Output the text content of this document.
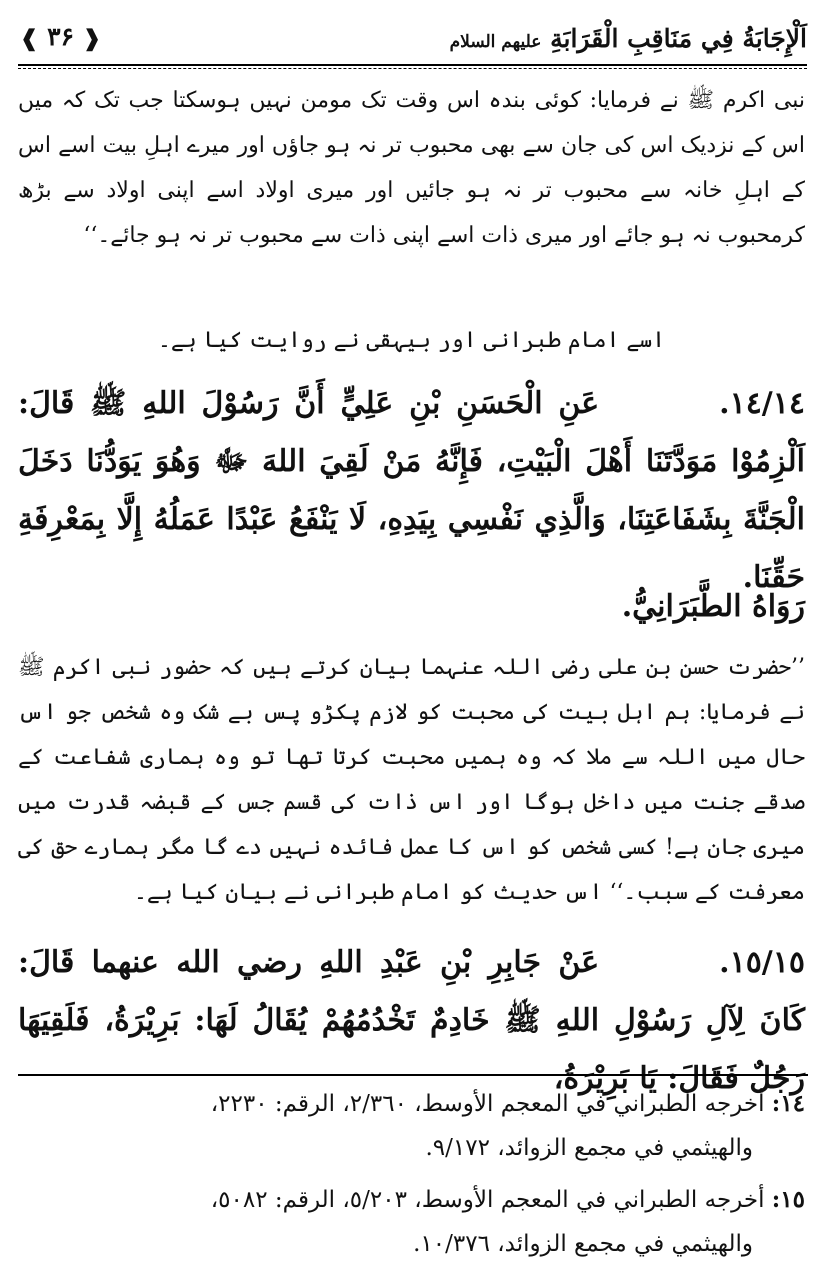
اَلْإِجَابَةُ فِي مَنَاقِبِ الْقَرَابَةِ علیهم السلام
❰ ۳۶ ❱
نبی اکرم ﷺ نے فرمایا: کوئی بندہ اس وقت تک مومن نہیں ہوسکتا جب تک کہ میں اس کے نزدیک اس کی جان سے بھی محبوب تر نہ ہو جاؤں اور میرے اہلِ بیت اسے اس کے اہلِ خانہ سے محبوب تر نہ ہو جائیں اور میری اولاد اسے اپنی اولاد سے بڑھ کرمحبوب نہ ہو جائے اور میری ذات اسے اپنی ذات سے محبوب تر نہ ہو جائے۔‘‘
اسے امام طبرانی اور بیہقی نے روایت کیا ہے۔
١٤/١٤.عَنِ الْحَسَنِ بْنِ عَلِيٍّ أَنَّ رَسُوْلَ اللهِ ﷺ قَالَ: اَلْزِمُوْا مَوَدَّتَنَا أَهْلَ الْبَيْتِ، فَإِنَّهُ مَنْ لَقِيَ اللهَ ﷻ وَهُوَ يَوَدُّنَا دَخَلَ الْجَنَّةَ بِشَفَاعَتِنَا، وَالَّذِي نَفْسِي بِيَدِهِ، لَا يَنْفَعُ عَبْدًا عَمَلُهُ إِلَّا بِمَعْرِفَةِ حَقِّنَا.
رَوَاهُ الطَّبَرَانِيُّ.
’’حضرت حسن بن علی رضی اللہ عنہما بیان کرتے ہیں کہ حضور نبی اکرم ﷺ نے فرمایا: ہم اہل بیت کی محبت کو لازم پکڑو پس بے شک وہ شخص جو اس حال میں اللہ سے ملا کہ وہ ہمیں محبت کرتا تھا تو وہ ہماری شفاعت کے صدقے جنت میں داخل ہوگا اور اس ذات کی قسم جس کے قبضہ قدرت میں میری جان ہے! کسی شخص کو اس کا عمل فائدہ نہیں دے گا مگر ہمارے حق کی معرفت کے سبب۔‘‘ اس حدیث کو امام طبرانی نے بیان کیا ہے۔
١٥/١٥.عَنْ جَابِرِ بْنِ عَبْدِ اللهِ رضي الله عنهما قَالَ: كَانَ لِآلِ رَسُوْلِ اللهِ ﷺ خَادِمٌ تَخْدُمُهُمْ يُقَالُ لَهَا: بَرِيْرَةُ، فَلَقِيَهَا رَجُلٌ فَقَالَ: يَا بَرِيْرَةُ،
١٤: أخرجه الطبراني في المعجم الأوسط، ٢/٣٦٠، الرقم: ٢٢٣٠،
والهيثمي في مجمع الزوائد، ٩/١٧٢.
١٥: أخرجه الطبراني في المعجم الأوسط، ٥/٢٠٣، الرقم: ٥٠٨٢،
والهيثمي في مجمع الزوائد، ١٠/٣٧٦.
